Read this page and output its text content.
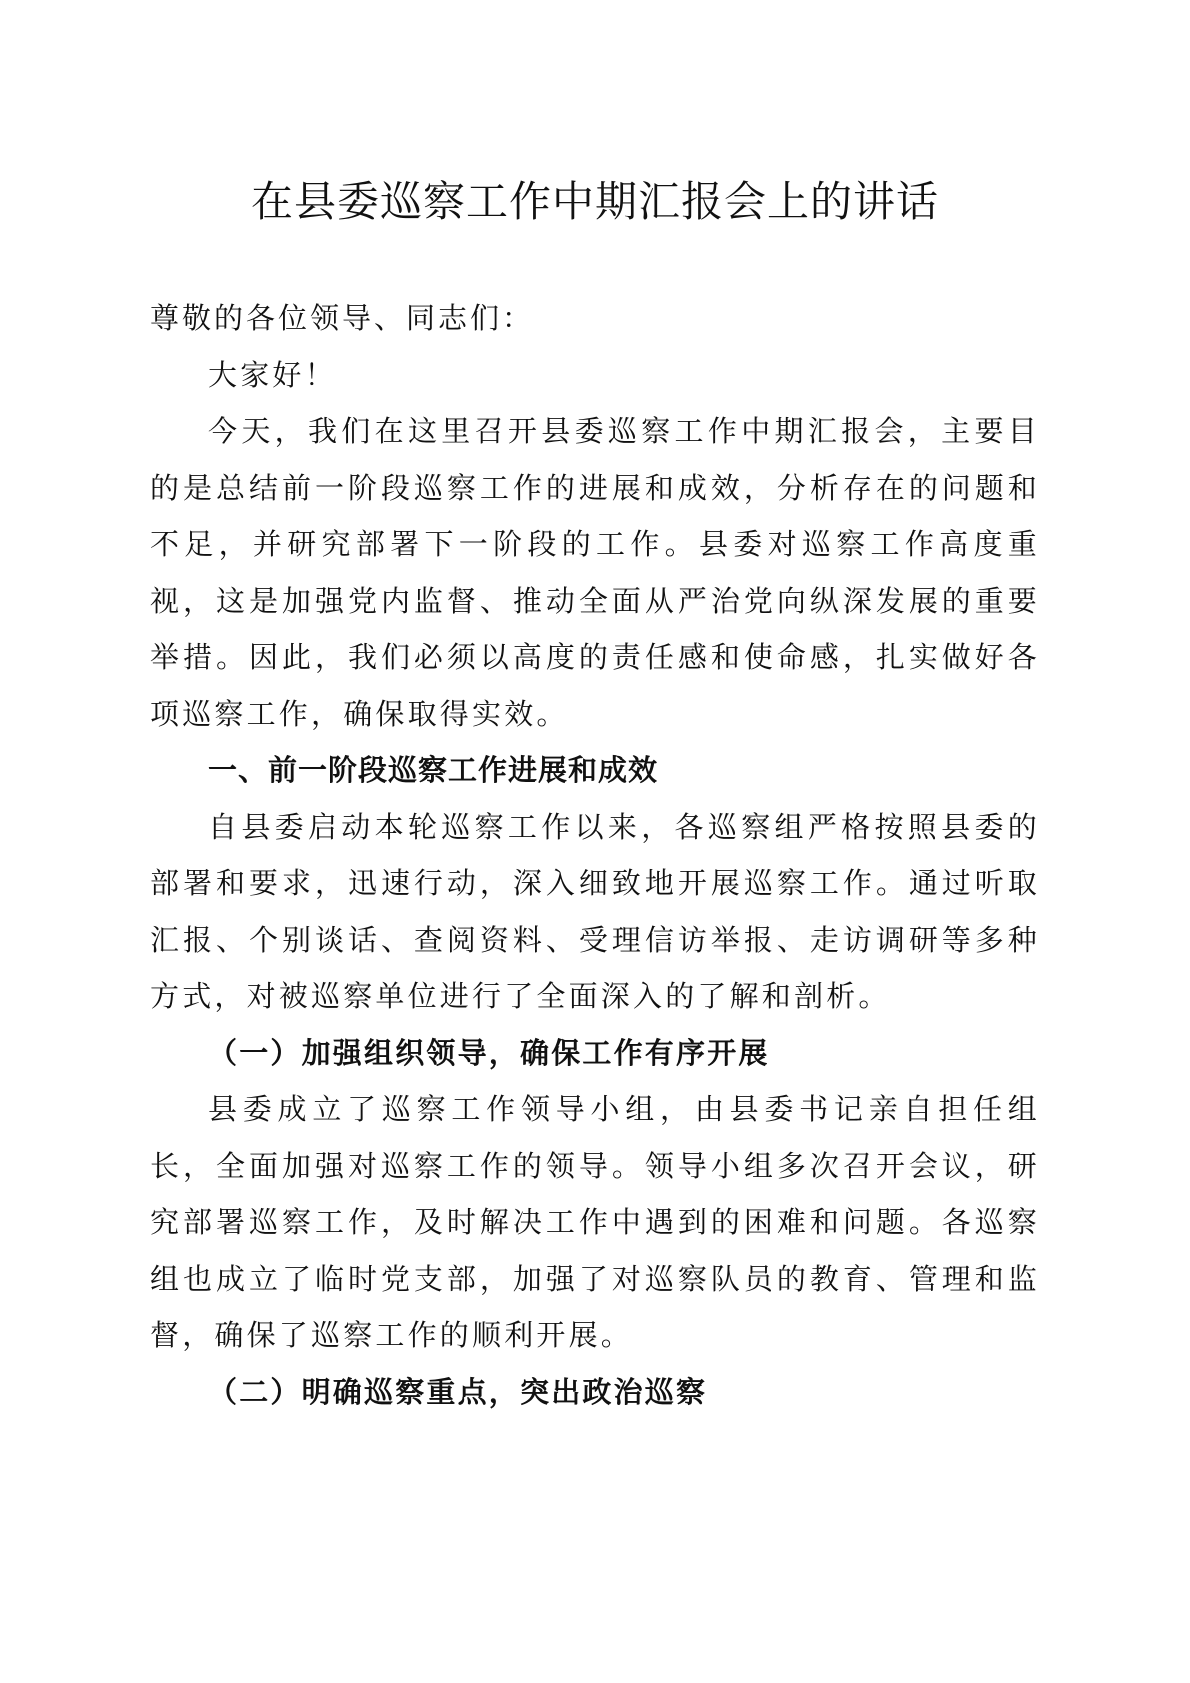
在县委巡察工作中期汇报会上的讲话

尊敬的各位领导、同志们：

大家好！

今天，我们在这里召开县委巡察工作中期汇报会，主要目的是总结前一阶段巡察工作的进展和成效，分析存在的问题和不足，并研究部署下一阶段的工作。县委对巡察工作高度重视，这是加强党内监督、推动全面从严治党向纵深发展的重要举措。因此，我们必须以高度的责任感和使命感，扎实做好各项巡察工作，确保取得实效。

一、前一阶段巡察工作进展和成效

自县委启动本轮巡察工作以来，各巡察组严格按照县委的部署和要求，迅速行动，深入细致地开展巡察工作。通过听取汇报、个别谈话、查阅资料、受理信访举报、走访调研等多种方式，对被巡察单位进行了全面深入的了解和剖析。

（一）加强组织领导，确保工作有序开展

县委成立了巡察工作领导小组，由县委书记亲自担任组长，全面加强对巡察工作的领导。领导小组多次召开会议，研究部署巡察工作，及时解决工作中遇到的困难和问题。各巡察组也成立了临时党支部，加强了对巡察队员的教育、管理和监督，确保了巡察工作的顺利开展。

（二）明确巡察重点，突出政治巡察
